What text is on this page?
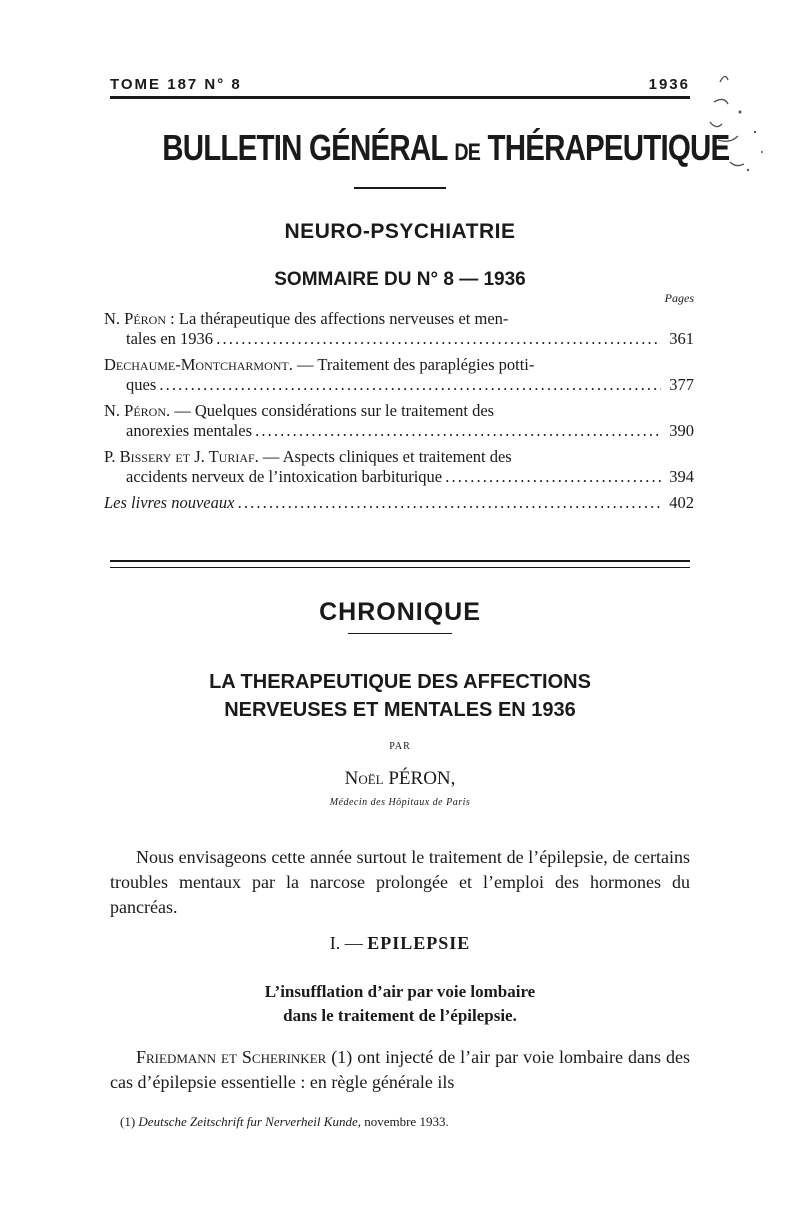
TOME 187 N° 8	1936
BULLETIN GÉNÉRAL DE THÉRAPEUTIQUE
NEURO-PSYCHIATRIE
SOMMAIRE DU N° 8 — 1936
Pages
N. Péron : La thérapeutique des affections nerveuses et men-
tales en 1936 . . .	361
Dechaume-Montcharmont. — Traitement des paraplégies potti-
ques . . .	377
N. Péron. — Quelques considérations sur le traitement des
anorexies mentales . . .	390
P. Bissery et J. Turiaf. — Aspects cliniques et traitement des
accidents nerveux de l’intoxication barbiturique . . .	394
Les livres nouveaux . . .	402
CHRONIQUE
LA THERAPEUTIQUE DES AFFECTIONS
NERVEUSES ET MENTALES EN 1936
PAR
Noël PÉRON,
Médecin des Hôpitaux de Paris
Nous envisageons cette année surtout le traitement de l’épilepsie, de certains troubles mentaux par la narcose prolongée et l’emploi des hormones du pancréas.
I. — EPILEPSIE
L’insufflation d’air par voie lombaire
dans le traitement de l’épilepsie.
Friedmann et Scherinker (1) ont injecté de l’air par voie lombaire dans des cas d’épilepsie essentielle : en règle générale ils
(1) Deutsche Zeitschrift fur Nerverheil Kunde, novembre 1933.
